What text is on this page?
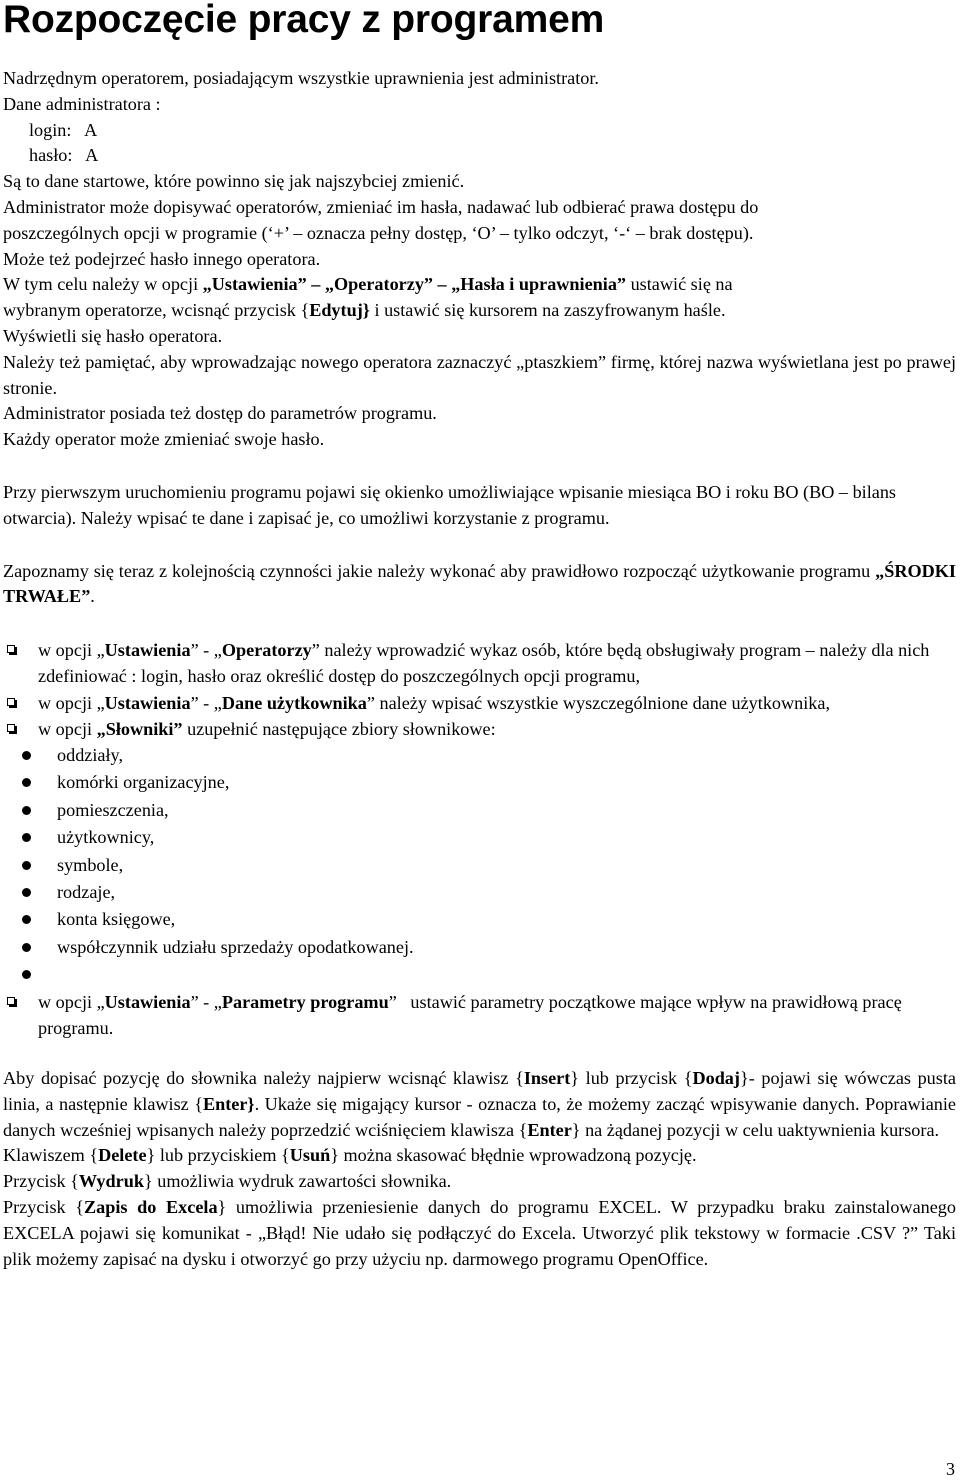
Rozpoczęcie pracy z programem

Nadrzędnym operatorem, posiadającym wszystkie uprawnienia jest administrator.

Dane administratora :

login:   A

hasło:   A

Są to dane startowe, które powinno się jak najszybciej zmienić.

Administrator może dopisywać operatorów, zmieniać im hasła, nadawać lub odbierać prawa dostępu do

poszczególnych opcji w programie (‘+’ – oznacza pełny dostęp, ‘O’ – tylko odczyt, ‘-‘ – brak dostępu).

Może też podejrzeć hasło innego operatora.

W tym celu należy w opcji „Ustawienia” – „Operatorzy” – „Hasła i uprawnienia” ustawić się na

wybranym operatorze, wcisnąć przycisk {Edytuj} i ustawić się kursorem na zaszyfrowanym haśle.

Wyświetli się hasło operatora.

Należy też pamiętać, aby wprowadzając nowego operatora zaznaczyć „ptaszkiem” firmę, której nazwa wyświetlana jest po prawej stronie.

Administrator posiada też dostęp do parametrów programu.

Każdy operator może zmieniać swoje hasło.

Przy pierwszym uruchomieniu programu pojawi się okienko umożliwiające wpisanie miesiąca BO i roku BO (BO – bilans otwarcia). Należy wpisać te dane i zapisać je, co umożliwi korzystanie z programu.

Zapoznamy się teraz z kolejnością czynności jakie należy wykonać aby prawidłowo rozpocząć użytkowanie programu „ŚRODKI TRWAŁE”.

w opcji „Ustawienia” - „Operatorzy” należy wprowadzić wykaz osób, które będą obsługiwały program – należy dla nich zdefiniować : login, hasło oraz określić dostęp do poszczególnych opcji programu,
w opcji „Ustawienia” - „Dane użytkownika” należy wpisać wszystkie wyszczególnione dane użytkownika,
w opcji „Słowniki” uzupełnić następujące zbiory słownikowe:
oddziały,
komórki organizacyjne,
pomieszczenia,
użytkownicy,
symbole,
rodzaje,
konta księgowe,
współczynnik udziału sprzedaży opodatkowanej.
w opcji „Ustawienia” - „Parametry programu”   ustawić parametry początkowe mające wpływ na prawidłową pracę programu.

Aby dopisać pozycję do słownika należy najpierw wcisnąć klawisz {Insert} lub przycisk {Dodaj}- pojawi się wówczas pusta linia, a następnie klawisz {Enter}. Ukaże się migający kursor - oznacza to, że możemy zacząć wpisywanie danych. Poprawianie danych wcześniej wpisanych należy poprzedzić wciśnięciem klawisza {Enter} na żądanej pozycji w celu uaktywnienia kursora.

Klawiszem {Delete} lub przyciskiem {Usuń} można skasować błędnie wprowadzoną pozycję.

Przycisk {Wydruk} umożliwia wydruk zawartości słownika.

Przycisk {Zapis do Excela} umożliwia przeniesienie danych do programu EXCEL. W przypadku braku zainstalowanego EXCELA pojawi się komunikat - „Błąd! Nie udało się podłączyć do Excela. Utworzyć plik tekstowy w formacie .CSV ?” Taki plik możemy zapisać na dysku i otworzyć go przy użyciu np. darmowego programu OpenOffice.

3
